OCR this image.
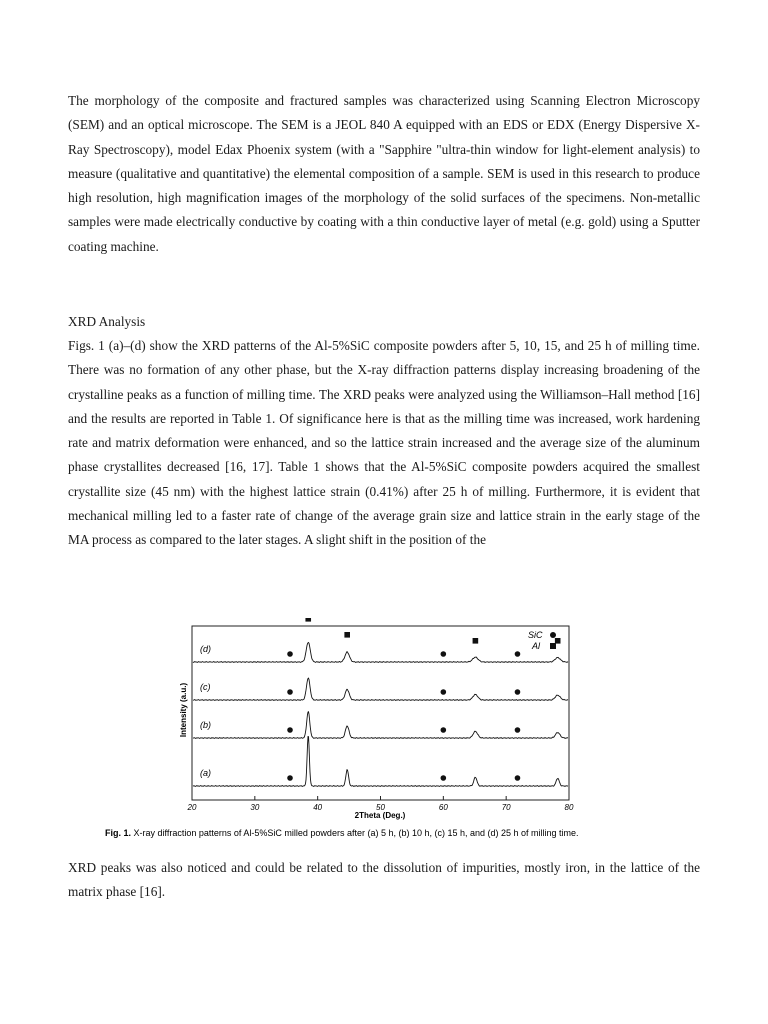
The morphology of the composite and fractured samples was characterized using Scanning Electron Microscopy (SEM) and an optical microscope. The SEM is a JEOL 840 A equipped with an EDS or EDX (Energy Dispersive X-Ray Spectroscopy), model Edax Phoenix system (with a "Sapphire "ultra-thin window for light-element analysis) to measure (qualitative and quantitative) the elemental composition of a sample. SEM is used in this research to produce high resolution, high magnification images of the morphology of the solid surfaces of the specimens. Non-metallic samples were made electrically conductive by coating with a thin conductive layer of metal (e.g. gold) using a Sputter coating machine.

XRD Analysis

Figs. 1 (a)–(d) show the XRD patterns of the Al-5%SiC composite powders after 5, 10, 15, and 25 h of milling time. There was no formation of any other phase, but the X-ray diffraction patterns display increasing broadening of the crystalline peaks as a function of milling time. The XRD peaks were analyzed using the Williamson–Hall method [16] and the results are reported in Table 1. Of significance here is that as the milling time was increased, work hardening rate and matrix deformation were enhanced, and so the lattice strain increased and the average size of the aluminum phase crystallites decreased [16, 17]. Table 1 shows that the Al-5%SiC composite powders acquired the smallest crystallite size (45 nm) with the highest lattice strain (0.41%) after 25 h of milling. Furthermore, it is evident that mechanical milling led to a faster rate of change of the average grain size and lattice strain in the early stage of the MA process as compared to the later stages. A slight shift in the position of the

20	30	40	50	60	70	80
(d)
(c)
(b)
(a)
2Theta (Deg.)
Intensity (a.u.)
SiC
Al
Fig. 1. X-ray diffraction patterns of Al-5%SiC milled powders after (a) 5 h, (b) 10 h, (c) 15 h, and (d) 25 h of milling time.

XRD peaks was also noticed and could be related to the dissolution of impurities, mostly iron, in the lattice of the matrix phase [16].
